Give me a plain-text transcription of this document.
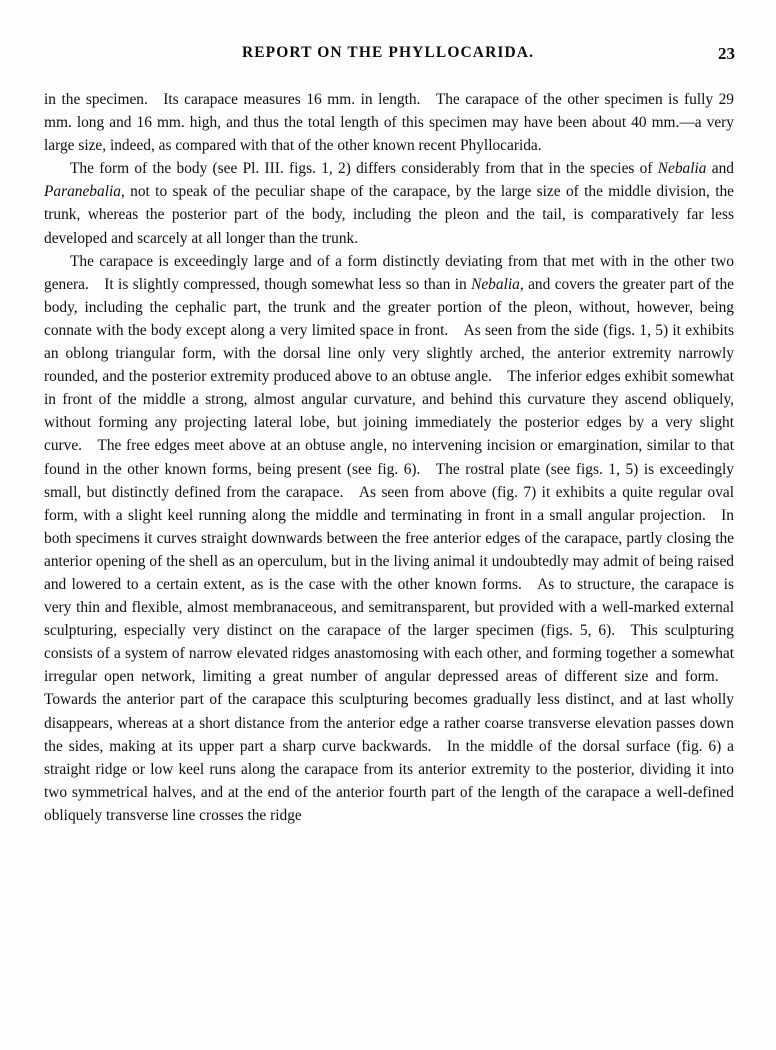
REPORT ON THE PHYLLOCARIDA.	23

in the specimen. Its carapace measures 16 mm. in length. The carapace of the other specimen is fully 29 mm. long and 16 mm. high, and thus the total length of this specimen may have been about 40 mm.—a very large size, indeed, as compared with that of the other known recent Phyllocarida.

The form of the body (see Pl. III. figs. 1, 2) differs considerably from that in the species of Nebalia and Paranebalia, not to speak of the peculiar shape of the carapace, by the large size of the middle division, the trunk, whereas the posterior part of the body, including the pleon and the tail, is comparatively far less developed and scarcely at all longer than the trunk.

The carapace is exceedingly large and of a form distinctly deviating from that met with in the other two genera. It is slightly compressed, though somewhat less so than in Nebalia, and covers the greater part of the body, including the cephalic part, the trunk and the greater portion of the pleon, without, however, being connate with the body except along a very limited space in front. As seen from the side (figs. 1, 5) it exhibits an oblong triangular form, with the dorsal line only very slightly arched, the anterior extremity narrowly rounded, and the posterior extremity produced above to an obtuse angle. The inferior edges exhibit somewhat in front of the middle a strong, almost angular curvature, and behind this curvature they ascend obliquely, without forming any projecting lateral lobe, but joining immediately the posterior edges by a very slight curve. The free edges meet above at an obtuse angle, no intervening incision or emargination, similar to that found in the other known forms, being present (see fig. 6). The rostral plate (see figs. 1, 5) is exceedingly small, but distinctly defined from the carapace. As seen from above (fig. 7) it exhibits a quite regular oval form, with a slight keel running along the middle and terminating in front in a small angular projection. In both specimens it curves straight downwards between the free anterior edges of the carapace, partly closing the anterior opening of the shell as an operculum, but in the living animal it undoubtedly may admit of being raised and lowered to a certain extent, as is the case with the other known forms. As to structure, the carapace is very thin and flexible, almost membranaceous, and semitransparent, but provided with a well-marked external sculpturing, especially very distinct on the carapace of the larger specimen (figs. 5, 6). This sculpturing consists of a system of narrow elevated ridges anastomosing with each other, and forming together a somewhat irregular open network, limiting a great number of angular depressed areas of different size and form. Towards the anterior part of the carapace this sculpturing becomes gradually less distinct, and at last wholly disappears, whereas at a short distance from the anterior edge a rather coarse transverse elevation passes down the sides, making at its upper part a sharp curve backwards. In the middle of the dorsal surface (fig. 6) a straight ridge or low keel runs along the carapace from its anterior extremity to the posterior, dividing it into two symmetrical halves, and at the end of the anterior fourth part of the length of the carapace a well-defined obliquely transverse line crosses the ridge
